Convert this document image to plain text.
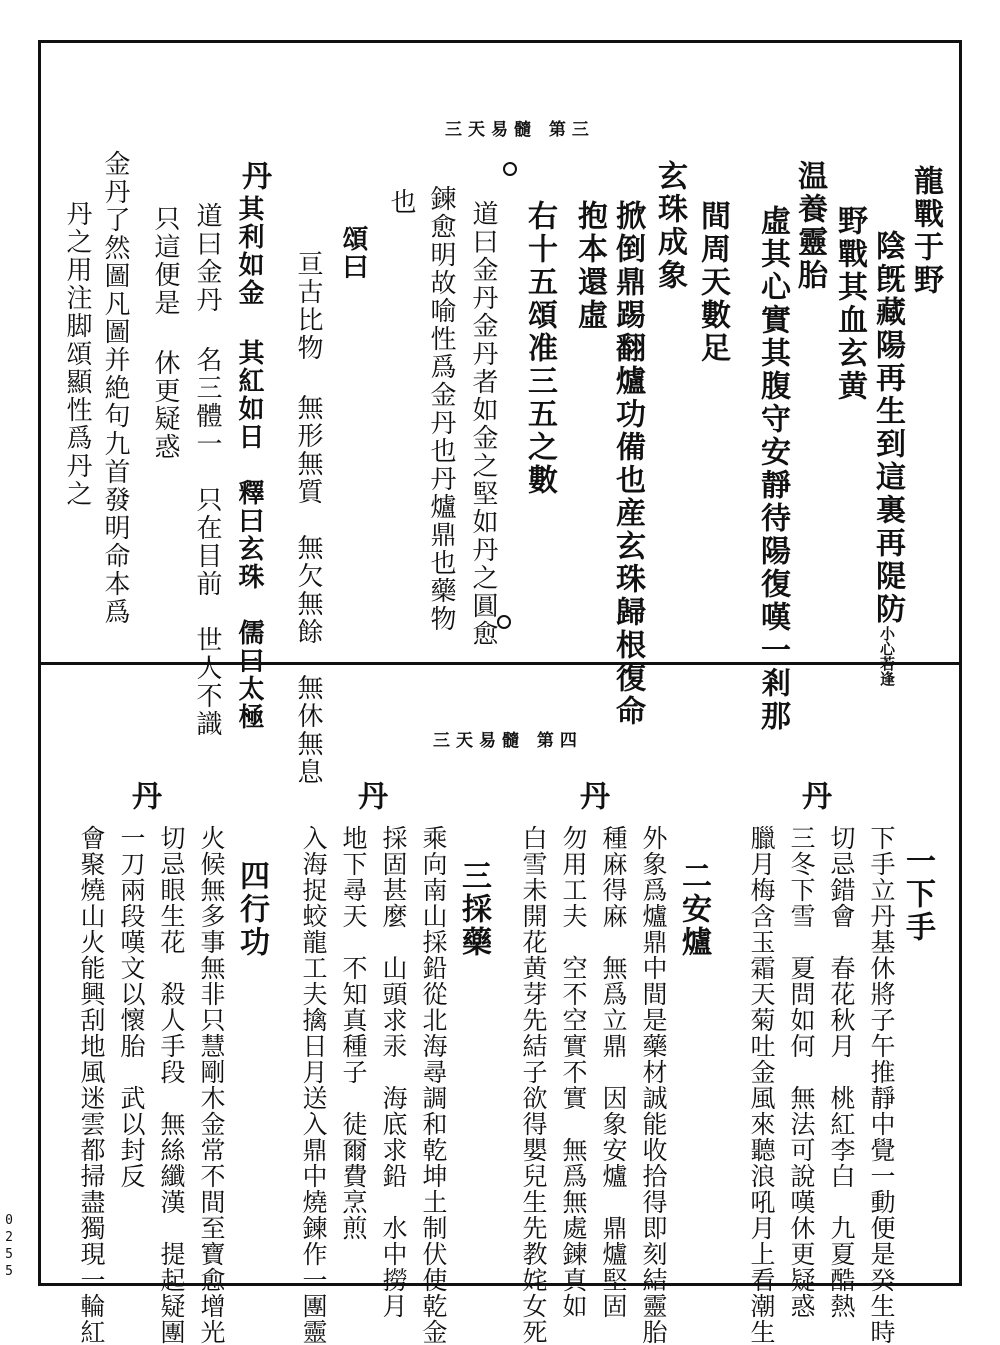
0255
三天易髓 第三
龍戰于野
陰旣藏陽再生到這裏再隄防小心若逢
野戰其血玄黄
虛其心實其腹守安靜待陽復嘆一剎那 温養靈胎
間周天數足
掀倒鼎踢翻爐功備也産玄珠歸根復命 玄珠成象
抱本還虛
右十五頌准三五之數
道曰金丹金丹者如金之堅如丹之圓愈
鍊愈明故喻性爲金丹也丹爐鼎也藥物
也
頌曰
亘古比物 無形無質　無欠無餘　無休無息
其利如金 其紅如日　釋曰玄珠　儒曰太極
丹
道曰金丹 名三體一　只在目前　世人不識
只這便是 休更疑惑
金丹了然圖凡圖并絶句九首發明命本爲
丹之用注脚頌顯性爲丹之
三天易髓 第四
一下手
下手立丹基休將子午推靜中覺一動便是癸生時
切忌錯會　春花秋月　桃紅李白　九夏酷熱
三冬下雪　夏問如何　無法可說嘆休更疑惑
臘月梅含玉霜天菊吐金風來聽浪吼月上看潮生
丹
二安爐
外象爲爐鼎中間是藥材誠能收拾得即刻結靈胎
種麻得麻　無爲立鼎　因象安爐　鼎爐堅固
勿用工夫　空不空實不實　無爲無處鍊真如
白雪未開花黄芽先結子欲得嬰兒生先教姹女死
丹
三採藥
乘向南山採鉛從北海尋調和乾坤土制伏使乾金
採固甚麼　山頭求汞　海底求鉛　水中撈月
地下尋天　不知真種子　徒爾費烹煎
入海捉蛟龍工夫擒日月送入鼎中燒鍊作一團靈
丹
四行功
火候無多事無非只慧剛木金常不間至寶愈增光
切忌眼生花　殺人手段　無絲纖漢　提起疑團
一刀兩段嘆文以懷胎　武以封反
會聚燒山火能興刮地風迷雲都掃盡獨現一輪紅
丹
